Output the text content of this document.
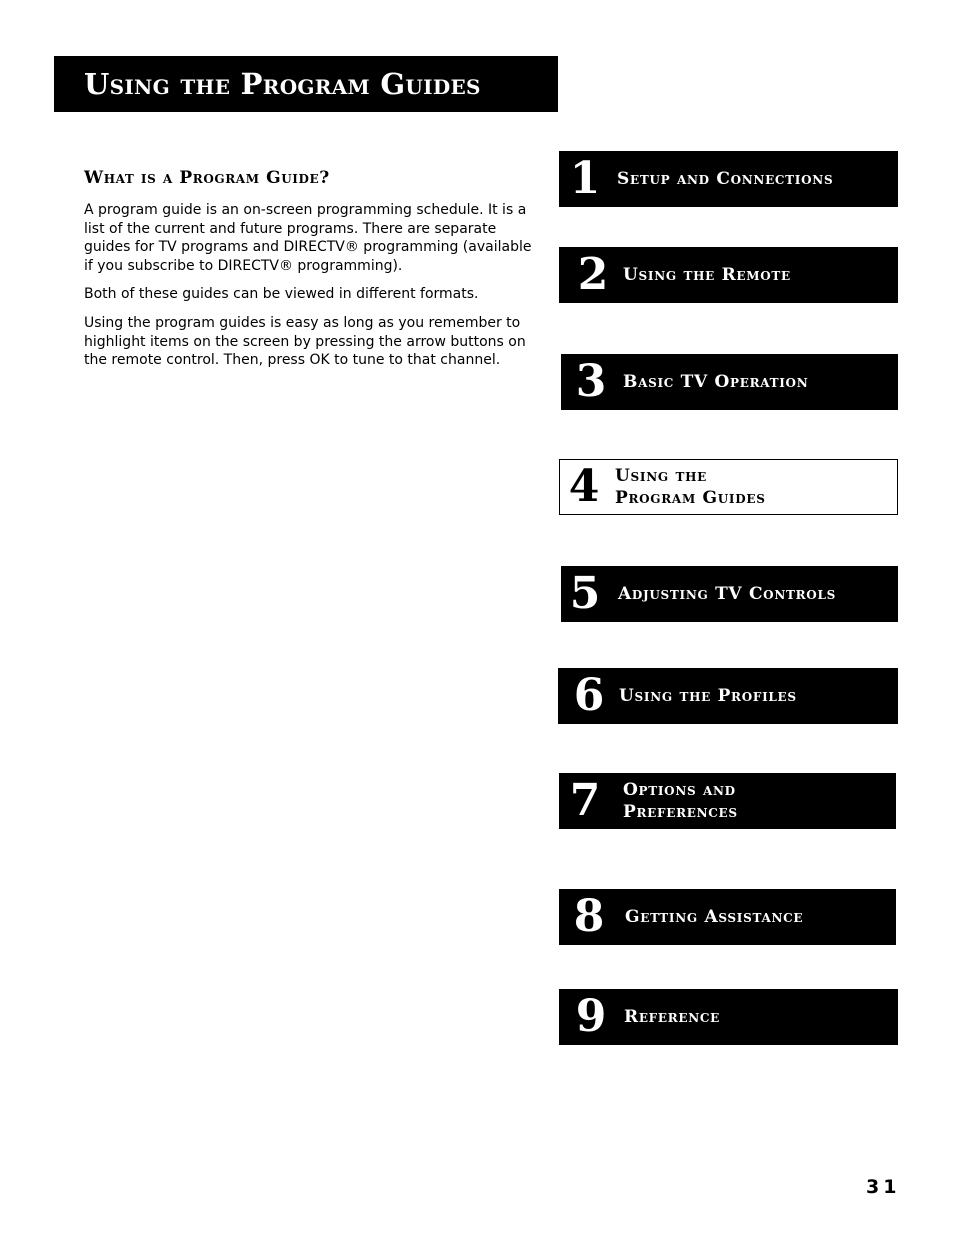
Using the Program Guides
What is a Program Guide?

A program guide is an on-screen programming schedule. It is a list of the current and future programs. There are separate guides for TV programs and DIRECTV® programming (available if you subscribe to DIRECTV® programming).

Both of these guides can be viewed in different formats.

Using the program guides is easy as long as you remember to highlight items on the screen by pressing the arrow buttons on the remote control. Then, press OK to tune to that channel.

1 Setup and Connections
2 Using the Remote
3 Basic TV Operation
4 Using the
Program Guides
5	Adjusting TV Controls
6 Using the Profiles
7	Options and
Preferences
8	Getting Assistance
9	Reference
31
